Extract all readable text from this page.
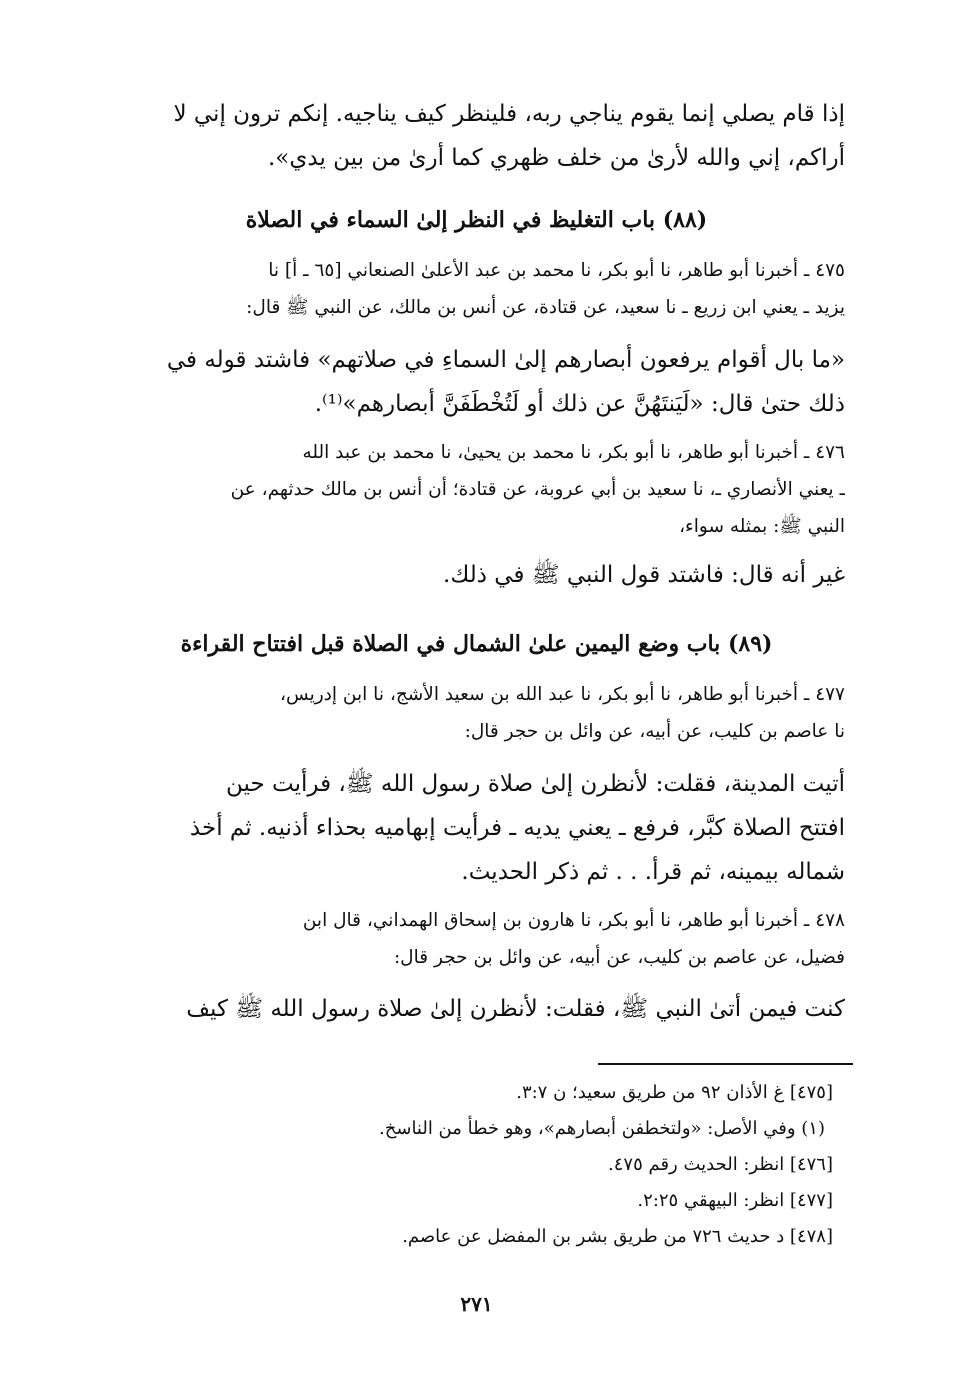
إذا قام يصلي إنما يقوم يناجي ربه، فلينظر كيف يناجيه. إنكم ترون إني لا
أراكم، إني والله لأرىٰ من خلف ظهري كما أرىٰ من بين يدي».
(٨٨) باب التغليظ في النظر إلىٰ السماء في الصلاة
٤٧٥ ـ أخبرنا أبو طاهر، نا أبو بكر، نا محمد بن عبد الأعلىٰ الصنعاني [٦٥ ـ أ] نا
يزيد ـ يعني ابن زريع ـ نا سعيد، عن قتادة، عن أنس بن مالك، عن النبي ﷺ قال:
«ما بال أقوام يرفعون أبصارهم إلىٰ السماءِ في صلاتهم» فاشتد قوله في
ذلك حتىٰ قال: «لَيَنتَهُنَّ عن ذلك أو لَتُخْطَفَنَّ أبصارهم»⁽¹⁾.
٤٧٦ ـ أخبرنا أبو طاهر، نا أبو بكر، نا محمد بن يحيىٰ، نا محمد بن عبد الله
ـ يعني الأنصاري ـ، نا سعيد بن أبي عروبة، عن قتادة؛ أن أنس بن مالك حدثهم، عن
النبي ﷺ: بمثله سواء،
غير أنه قال: فاشتد قول النبي ﷺ في ذلك.
(٨٩) باب وضع اليمين علىٰ الشمال في الصلاة قبل افتتاح القراءة
٤٧٧ ـ أخبرنا أبو طاهر، نا أبو بكر، نا عبد الله بن سعيد الأشج، نا ابن إدريس،
نا عاصم بن كليب، عن أبيه، عن وائل بن حجر قال:
أتيت المدينة، فقلت: لأنظرن إلىٰ صلاة رسول الله ﷺ، فرأيت حين
افتتح الصلاة كبَّر، فرفع ـ يعني يديه ـ فرأيت إبهاميه بحذاء أذنيه. ثم أخذ
شماله بيمينه، ثم قرأ. . . ثم ذكر الحديث.
٤٧٨ ـ أخبرنا أبو طاهر، نا أبو بكر، نا هارون بن إسحاق الهمداني، قال ابن
فضيل، عن عاصم بن كليب، عن أبيه، عن وائل بن حجر قال:
كنت فيمن أتىٰ النبي ﷺ، فقلت: لأنظرن إلىٰ صلاة رسول الله ﷺ كيف
[٤٧٥] غ الأذان ٩٢ من طريق سعيد؛ ن ٣:٧.
(١) وفي الأصل: «ولتخطفن أبصارهم»، وهو خطأ من الناسخ.
[٤٧٦] انظر: الحديث رقم ٤٧٥.
[٤٧٧] انظر: البيهقي ٢:٢٥.
[٤٧٨] د حديث ٧٢٦ من طريق بشر بن المفضل عن عاصم.
٢٧١
